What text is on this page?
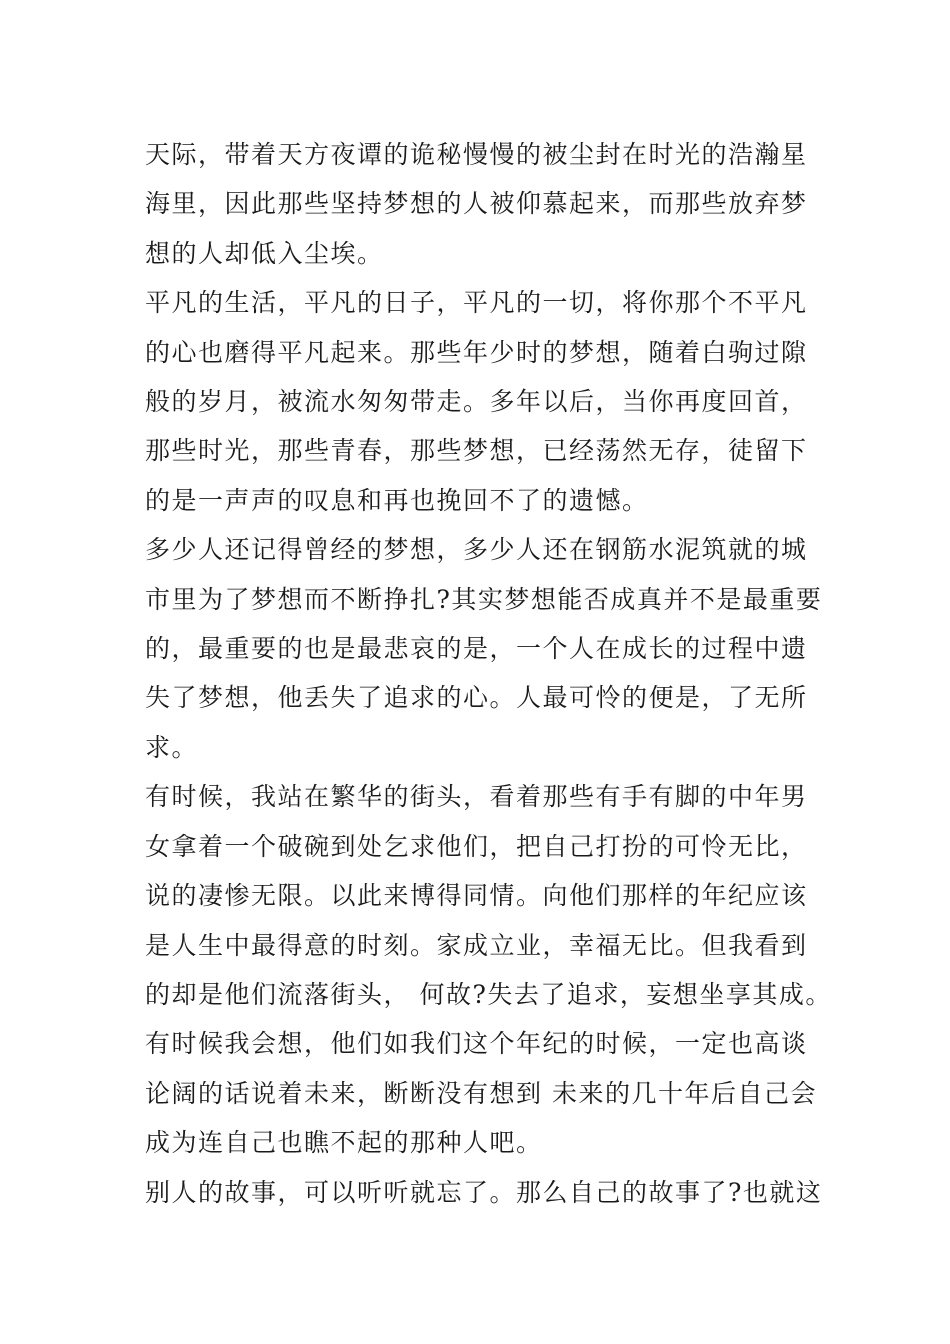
天际，带着天方夜谭的诡秘慢慢的被尘封在时光的浩瀚星
海里，因此那些坚持梦想的人被仰慕起来，而那些放弃梦
想的人却低入尘埃。
平凡的生活，平凡的日子，平凡的一切，将你那个不平凡
的心也磨得平凡起来。那些年少时的梦想，随着白驹过隙
般的岁月，被流水匆匆带走。多年以后，当你再度回首，
那些时光，那些青春，那些梦想，已经荡然无存，徒留下
的是一声声的叹息和再也挽回不了的遗憾。
多少人还记得曾经的梦想，多少人还在钢筋水泥筑就的城
市里为了梦想而不断挣扎?其实梦想能否成真并不是最重要
的，最重要的也是最悲哀的是，一个人在成长的过程中遗
失了梦想，他丢失了追求的心。人最可怜的便是，了无所
求。
有时候，我站在繁华的街头，看着那些有手有脚的中年男
女拿着一个破碗到处乞求他们，把自己打扮的可怜无比，
说的凄惨无限。以此来博得同情。向他们那样的年纪应该
是人生中最得意的时刻。家成立业，幸福无比。但我看到
的却是他们流落街头， 何故?失去了追求，妄想坐享其成。
有时候我会想，他们如我们这个年纪的时候，一定也高谈
论阔的话说着未来，断断没有想到 未来的几十年后自己会
成为连自己也瞧不起的那种人吧。
别人的故事，可以听听就忘了。那么自己的故事了?也就这
